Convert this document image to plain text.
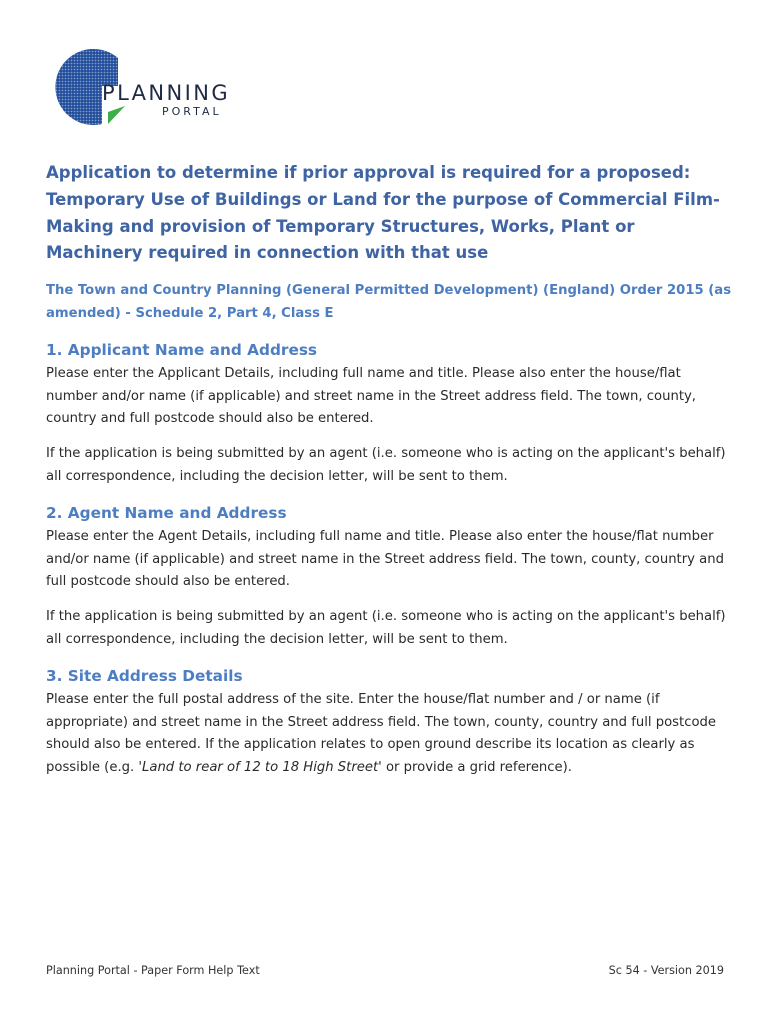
PLANNING
PORTAL
Application to determine if prior approval is required for a proposed: Temporary Use of Buildings or Land for the purpose of Commercial Film-Making and provision of Temporary Structures, Works, Plant or Machinery required in connection with that use

The Town and Country Planning (General Permitted Development) (England) Order 2015 (as amended) - Schedule 2, Part 4, Class E

1. Applicant Name and Address

Please enter the Applicant Details, including full name and title. Please also enter the house/flat number and/or name (if applicable) and street name in the Street address field. The town, county, country and full postcode should also be entered.

If the application is being submitted by an agent (i.e. someone who is acting on the applicant's behalf) all correspondence, including the decision letter, will be sent to them.

2. Agent Name and Address

Please enter the Agent Details, including full name and title. Please also enter the house/flat number and/or name (if applicable) and street name in the Street address field. The town, county, country and full postcode should also be entered.

If the application is being submitted by an agent (i.e. someone who is acting on the applicant's behalf) all correspondence, including the decision letter, will be sent to them.

3. Site Address Details

Please enter the full postal address of the site. Enter the house/flat number and / or name (if appropriate) and street name in the Street address field. The town, county, country and full postcode should also be entered. If the application relates to open ground describe its location as clearly as possible (e.g. 'Land to rear of 12 to 18 High Street' or provide a grid reference).

Planning Portal - Paper Form Help Text	Sc 54 - Version 2019
